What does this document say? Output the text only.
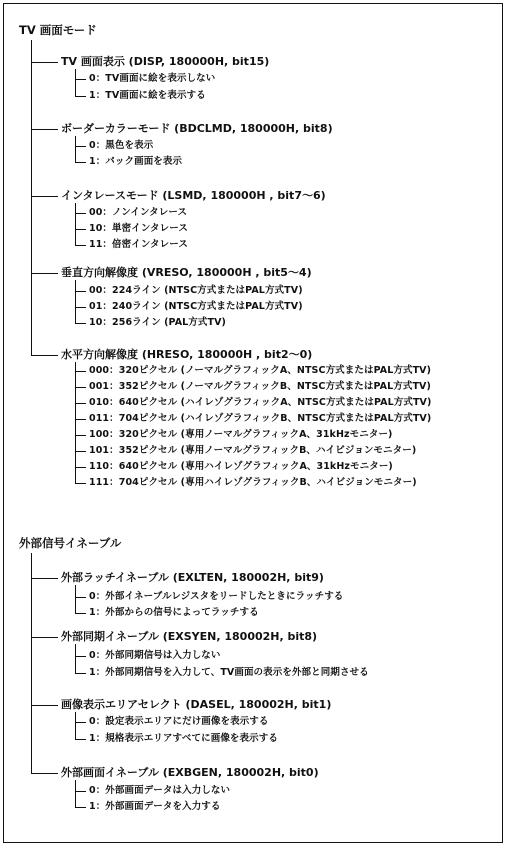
TV 画面モード
TV 画面表示 (DISP, 180000H, bit15)
0：TV画面に絵を表示しない
1：TV画面に絵を表示する
ボーダーカラーモード (BDCLMD, 180000H, bit8)
0：黒色を表示
1：パック画面を表示
インタレースモード (LSMD, 180000H , bit7〜6)
00：ノンインタレース
10：単密インタレース
11：倍密インタレース
垂直方向解像度 (VRESO, 180000H , bit5〜4)
00：224ライン (NTSC方式またはPAL方式TV)
01：240ライン (NTSC方式またはPAL方式TV)
10：256ライン (PAL方式TV)
水平方向解像度 (HRESO, 180000H , bit2〜0)
000：320ピクセル (ノーマルグラフィックA、NTSC方式またはPAL方式TV)
001：352ピクセル (ノーマルグラフィックB、NTSC方式またはPAL方式TV)
010：640ピクセル (ハイレゾグラフィックA、NTSC方式またはPAL方式TV)
011：704ピクセル (ハイレゾグラフィックB、NTSC方式またはPAL方式TV)
100：320ピクセル (専用ノーマルグラフィックA、31kHzモニター)
101：352ピクセル (専用ノーマルグラフィックB、ハイビジョンモニター)
110：640ピクセル (専用ハイレゾグラフィックA、31kHzモニター)
111：704ピクセル (専用ハイレゾグラフィックB、ハイビジョンモニター)
外部信号イネーブル
外部ラッチイネーブル (EXLTEN, 180002H, bit9)
0：外部イネーブルレジスタをリードしたときにラッチする
1：外部からの信号によってラッチする
外部同期イネーブル (EXSYEN, 180002H, bit8)
0：外部同期信号は入力しない
1：外部同期信号を入力して、TV画面の表示を外部と同期させる
画像表示エリアセレクト (DASEL, 180002H, bit1)
0：設定表示エリアにだけ画像を表示する
1：規格表示エリアすべてに画像を表示する
外部画面イネーブル (EXBGEN, 180002H, bit0)
0：外部画面データは入力しない
1：外部画面データを入力する
